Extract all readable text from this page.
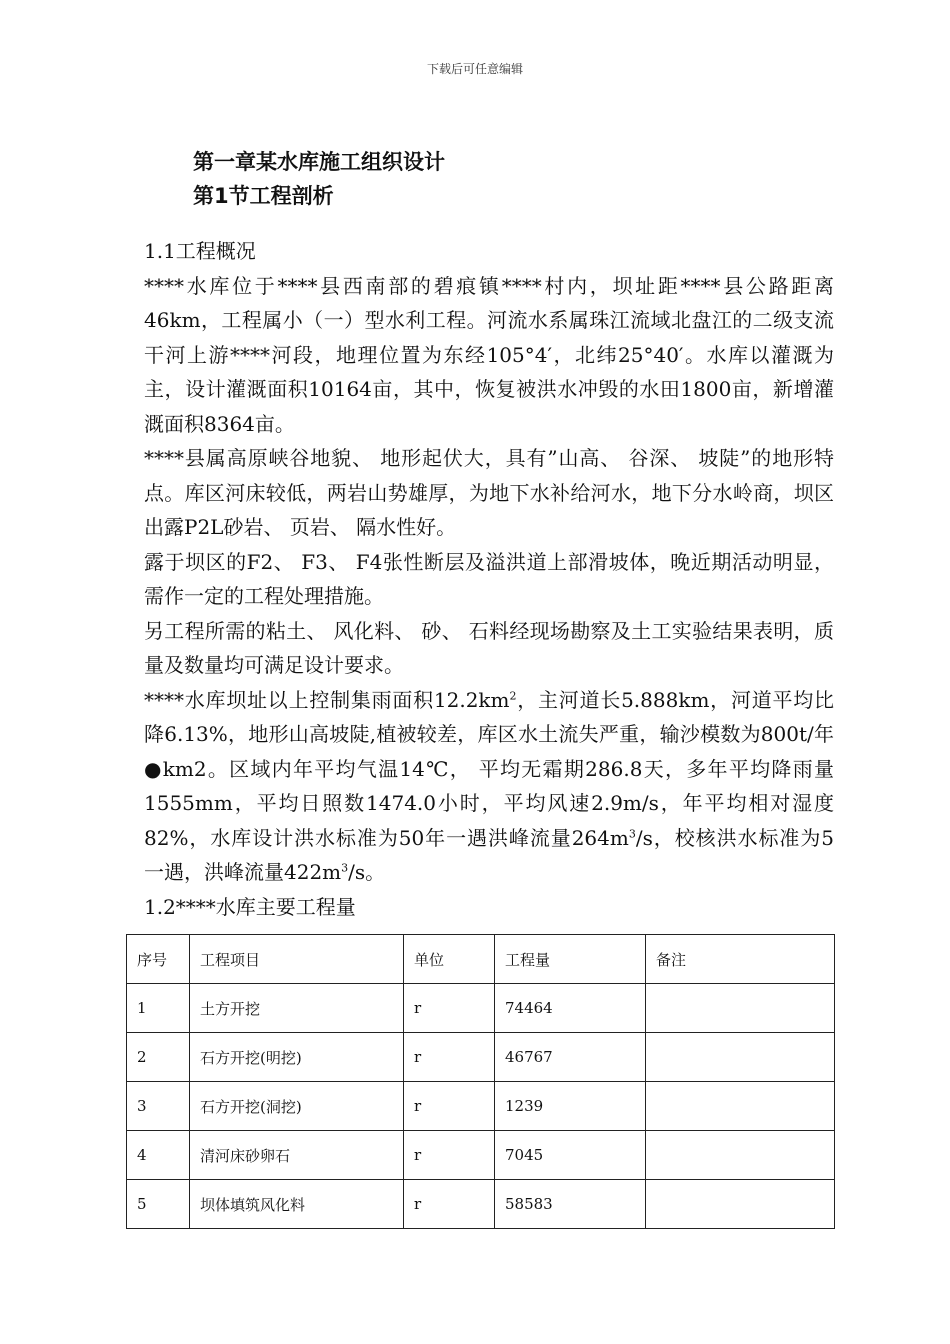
下载后可任意编辑
第一章某水库施工组织设计
第1节工程剖析

1.1工程概况

****水库位于****县西南部的碧痕镇****村内，坝址距****县公路距离46km，工程属小（一）型水利工程。河流水系属珠江流域北盘江的二级支流干河上游****河段，地理位置为东经105°4′，北纬25°40′。水库以灌溉为主，设计灌溉面积10164亩，其中，恢复被洪水冲毁的水田1800亩，新增灌溉面积8364亩。

****县属高原峡谷地貌、 地形起伏大，具有”山高、 谷深、 坡陡”的地形特点。库区河床较低，两岩山势雄厚，为地下水补给河水，地下分水岭商，坝区出露P2L砂岩、 页岩、 隔水性好。

露于坝区的F2、 F3、 F4张性断层及溢洪道上部滑坡体，晚近期活动明显，需作一定的工程处理措施。

另工程所需的粘土、 风化料、 砂、 石料经现场勘察及土工实验结果表明，质量及数量均可满足设计要求。

****水库坝址以上控制集雨面积$12.2km^2$，主河道长5.888km，河道平均比降6.13%，地形山高坡陡,植被较差，库区水土流失严重，输沙模数为800t/年●km2。区域内年平均气温14℃， 平均无霜期286.8天，多年平均降雨量1555mm，平均日照数1474.0小时，平均风速2.9m/s，年平均相对湿度82%，水库设计洪水标准为50年一遇洪峰流量$264m^3/s$，校核洪水标准为5 一遇，洪峰流量$422m^3/s$。

1.2****水库主要工程量

序号	工程项目	单位	工程量	备注
1	土方开挖	r	74464	
2	石方开挖(明挖)	r	46767	
3	石方开挖(洞挖)	r	1239	
4	清河床砂卵石	r	7045	
5	坝体填筑风化料	r	58583	
